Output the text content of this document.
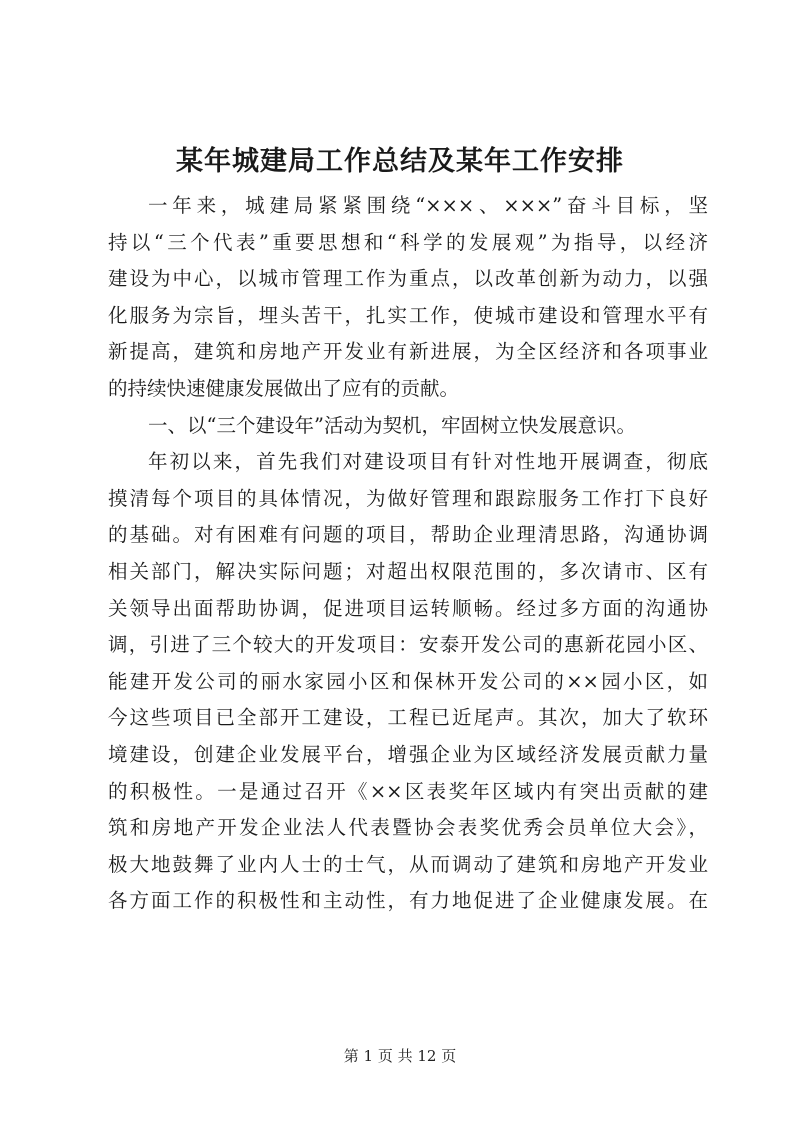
某年城建局工作总结及某年工作安排
一年来，城建局紧紧围绕“×××、×××”奋斗目标，坚
持以“三个代表”重要思想和“科学的发展观”为指导，以经济
建设为中心，以城市管理工作为重点，以改革创新为动力，以强
化服务为宗旨，埋头苦干，扎实工作，使城市建设和管理水平有
新提高，建筑和房地产开发业有新进展，为全区经济和各项事业
的持续快速健康发展做出了应有的贡献。
一、以“三个建设年”活动为契机，牢固树立快发展意识。
年初以来，首先我们对建设项目有针对性地开展调查，彻底
摸清每个项目的具体情况，为做好管理和跟踪服务工作打下良好
的基础。对有困难有问题的项目，帮助企业理清思路，沟通协调
相关部门，解决实际问题；对超出权限范围的，多次请市、区有
关领导出面帮助协调，促进项目运转顺畅。经过多方面的沟通协
调，引进了三个较大的开发项目：安泰开发公司的惠新花园小区、
能建开发公司的丽水家园小区和保林开发公司的××园小区，如
今这些项目已全部开工建设，工程已近尾声。其次，加大了软环
境建设，创建企业发展平台，增强企业为区域经济发展贡献力量
的积极性。一是通过召开《××区表奖年区域内有突出贡献的建
筑和房地产开发企业法人代表暨协会表奖优秀会员单位大会》，
极大地鼓舞了业内人士的士气，从而调动了建筑和房地产开发业
各方面工作的积极性和主动性，有力地促进了企业健康发展。在
第 1 页 共 12 页
